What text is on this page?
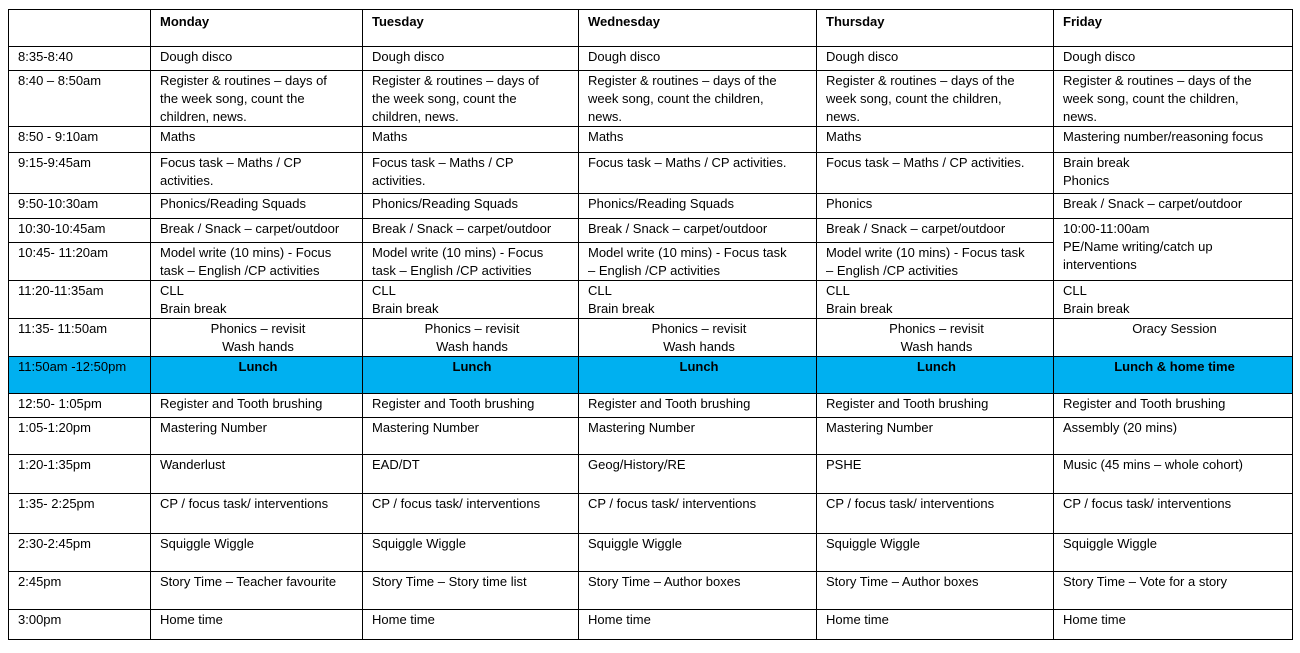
	Monday	Tuesday	Wednesday	Thursday	Friday
8:35-8:40	Dough disco	Dough disco	Dough disco	Dough disco	Dough disco

8:40 – 8:50am	Register & routines – days of
the week song, count the
children, news.	Register & routines – days of
the week song, count the
children, news.	Register & routines – days of the
week song, count the children,
news.	Register & routines – days of the
week song, count the children,
news.	Register & routines – days of the
week song, count the children,
news.

8:50 - 9:10am	Maths	Maths	Maths	Maths	Mastering number/reasoning focus

9:15-9:45am	Focus task – Maths / CP
activities.	Focus task – Maths / CP
activities.	Focus task – Maths / CP activities.	Focus task – Maths / CP activities.	Brain break
Phonics

9:50-10:30am	Phonics/Reading Squads	Phonics/Reading Squads	Phonics/Reading Squads	Phonics	Break / Snack – carpet/outdoor

10:30-10:45am	Break / Snack – carpet/outdoor	Break / Snack – carpet/outdoor	Break / Snack – carpet/outdoor	Break / Snack – carpet/outdoor	10:00-11:00am
PE/Name writing/catch up
interventions

10:45- 11:20am	Model write (10 mins) - Focus
task – English /CP activities	Model write (10 mins) - Focus
task – English /CP activities	Model write (10 mins) - Focus task
– English /CP activities	Model write (10 mins) - Focus task
– English /CP activities	

11:20-11:35am	CLL
Brain break	CLL
Brain break	CLL
Brain break	CLL
Brain break	CLL
Brain break

11:35- 11:50am	Phonics – revisit
Wash hands	Phonics – revisit
Wash hands	Phonics – revisit
Wash hands	Phonics – revisit
Wash hands	Oracy Session

11:50am -12:50pm	Lunch	Lunch	Lunch	Lunch	Lunch & home time

12:50- 1:05pm	Register and Tooth brushing	Register and Tooth brushing	Register and Tooth brushing	Register and Tooth brushing	Register and Tooth brushing

1:05-1:20pm	Mastering Number	Mastering Number	Mastering Number	Mastering Number	Assembly (20 mins)

1:20-1:35pm	Wanderlust	EAD/DT	Geog/History/RE	PSHE	Music (45 mins – whole cohort)

1:35- 2:25pm	CP / focus task/ interventions	CP / focus task/ interventions	CP / focus task/ interventions	CP / focus task/ interventions	CP / focus task/ interventions

2:30-2:45pm	Squiggle Wiggle	Squiggle Wiggle	Squiggle Wiggle	Squiggle Wiggle	Squiggle Wiggle

2:45pm	Story Time – Teacher favourite	Story Time – Story time list	Story Time – Author boxes	Story Time – Author boxes	Story Time – Vote for a story

3:00pm	Home time	Home time	Home time	Home time	Home time
